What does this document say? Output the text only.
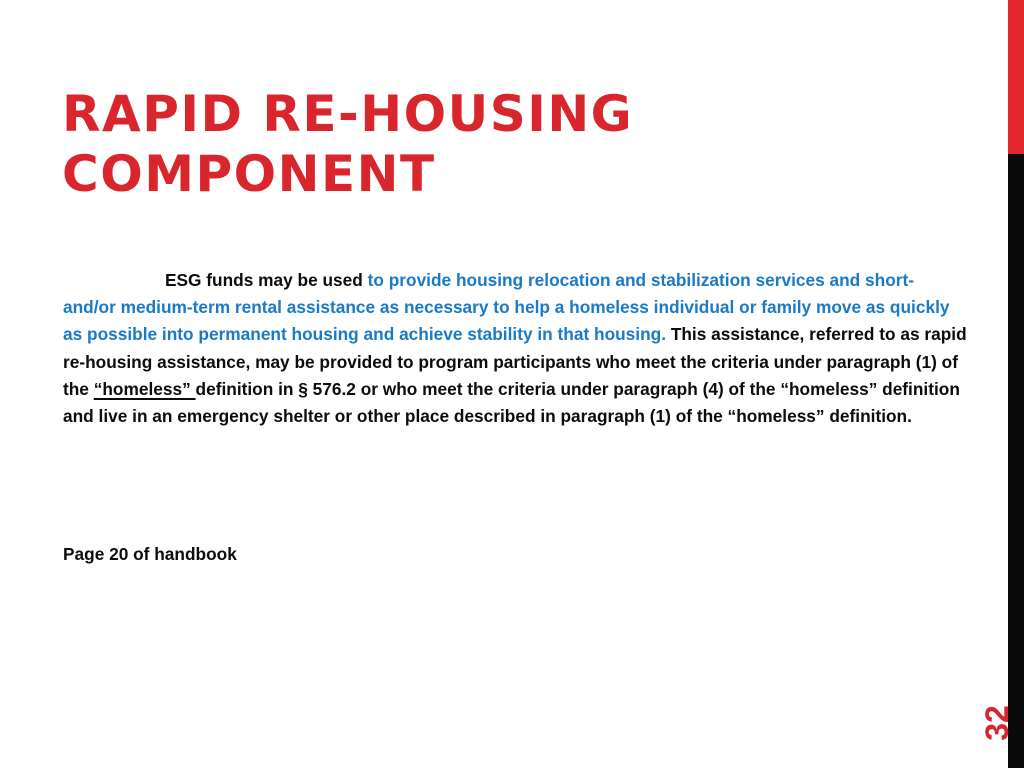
RAPID RE-HOUSING
COMPONENT

ESG funds may be used to provide housing relocation and stabilization services and short- and/or medium-term rental assistance as necessary to help a homeless individual or family move as quickly as possible into permanent housing and achieve stability in that housing. This assistance, referred to as rapid re-housing assistance, may be provided to program participants who meet the criteria under paragraph (1) of the “homeless” definition in § 576.2 or who meet the criteria under paragraph (4) of the “homeless” definition and live in an emergency shelter or other place described in paragraph (1) of the “homeless” definition.

Page 20 of handbook

32
